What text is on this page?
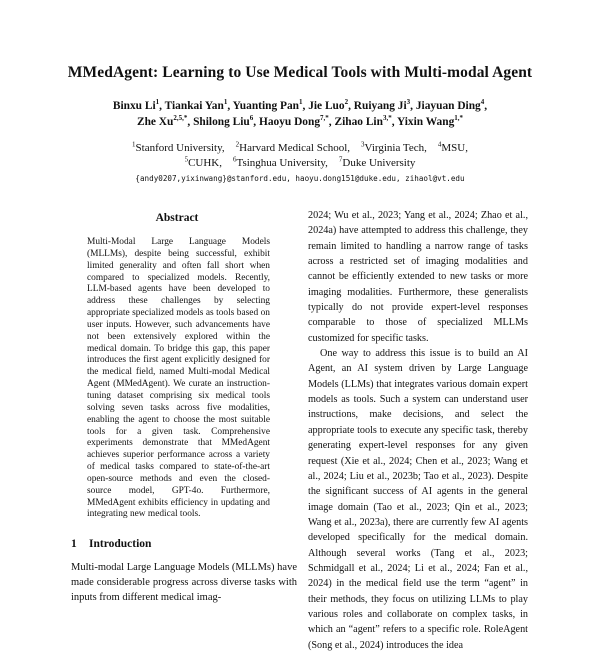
MMedAgent: Learning to Use Medical Tools with Multi-modal Agent
Binxu Li$^1$, Tiankai Yan$^1$, Yuanting Pan$^1$, Jie Luo$^2$, Ruiyang Ji$^3$, Jiayuan Ding$^4$,
Zhe $Xu^{2,5,*}$, Shilong Liu$^6$, Haoyu Dong$^{7,*}$, Zihao Lin$^{3,*}$, Yixin Wang$^{1,*}$
$^1$Stanford University,    $^2$Harvard Medical School,    $^3$Virginia Tech,    $^4$MSU,
$^5$CUHK,    $^6$Tsinghua University,    $^7$Duke University
{andy0207,yixinwang}@stanford.edu, haoyu.dong151@duke.edu, zihaol@vt.edu
Abstract

Multi-Modal Large Language Models (MLLMs), despite being successful, exhibit limited generality and often fall short when compared to specialized models. Recently, LLM-based agents have been developed to address these challenges by selecting appropriate specialized models as tools based on user inputs. However, such advancements have not been extensively explored within the medical domain. To bridge this gap, this paper introduces the first agent explicitly designed for the medical field, named Multi-modal Medical Agent (MMedAgent). We curate an instruction-tuning dataset comprising six medical tools solving seven tasks across five modalities, enabling the agent to choose the most suitable tools for a given task. Comprehensive experiments demonstrate that MMedAgent achieves superior performance across a variety of medical tasks compared to state-of-the-art open-source methods and even the closed-source model, GPT-4o. Furthermore, MMedAgent exhibits efficiency in updating and integrating new medical tools.

1 Introduction

Multi-modal Large Language Models (MLLMs) have made considerable progress across diverse tasks with inputs from different medical imag-

2024; Wu et al., 2023; Yang et al., 2024; Zhao et al., 2024a) have attempted to address this challenge, they remain limited to handling a narrow range of tasks across a restricted set of imaging modalities and cannot be efficiently extended to new tasks or more imaging modalities. Furthermore, these generalists typically do not provide expert-level responses comparable to those of specialized MLLMs customized for specific tasks.

One way to address this issue is to build an AI Agent, an AI system driven by Large Language Models (LLMs) that integrates various domain expert models as tools. Such a system can understand user instructions, make decisions, and select the appropriate tools to execute any specific task, thereby generating expert-level responses for any given request (Xie et al., 2024; Chen et al., 2023; Wang et al., 2024; Liu et al., 2023b; Tao et al., 2023). Despite the significant success of AI agents in the general image domain (Tao et al., 2023; Qin et al., 2023; Wang et al., 2023a), there are currently few AI agents developed specifically for the medical domain. Although several works (Tang et al., 2023; Schmidgall et al., 2024; Li et al., 2024; Fan et al., 2024) in the medical field use the term “agent” in their methods, they focus on utilizing LLMs to play various roles and collaborate on complex tasks, in which an “agent” refers to a specific role. RoleAgent (Song et al., 2024) introduces the idea
